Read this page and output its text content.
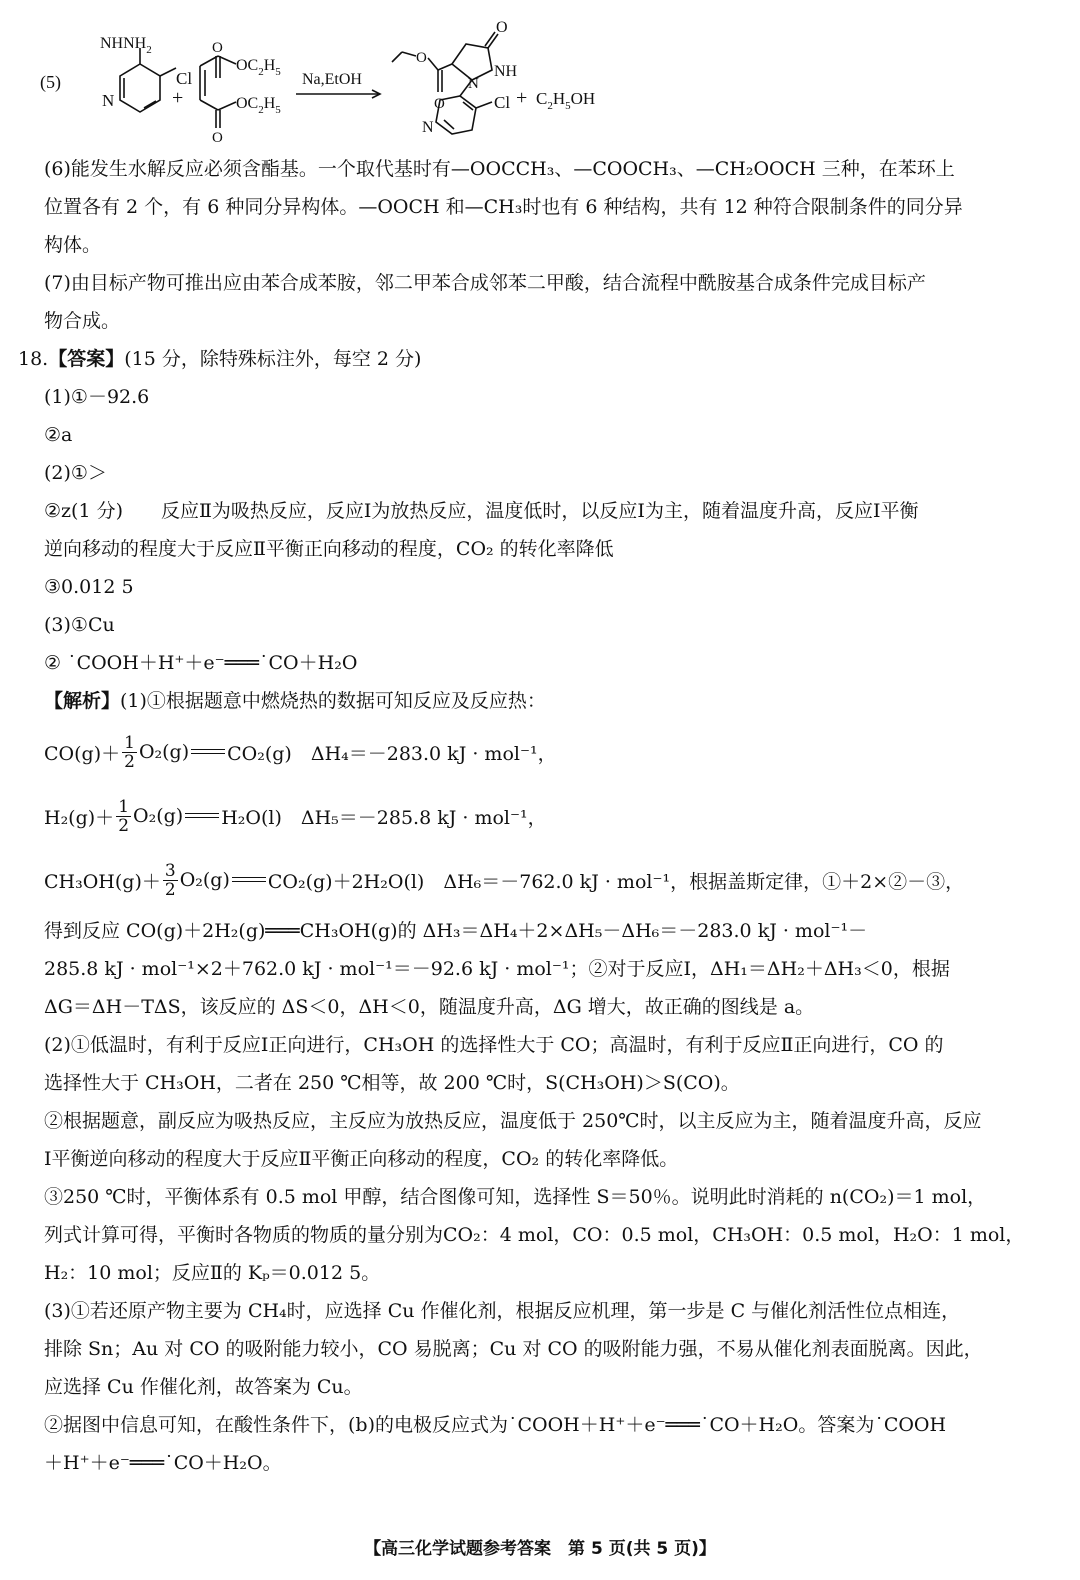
(5)
$NHNH_2$
Cl
N	+
O
O
$OC_2H_5$
$OC_2H_5$
Na,EtOH
O
O
O
N
NH
N
$Cl + C_2H_5OH$

(6)能发生水解反应必须含酯基。一个取代基时有—OOCCH₃、—COOCH₃、—CH₂OOCH 三种，在苯环上

位置各有 2 个，有 6 种同分异构体。—OOCH 和—CH₃时也有 6 种结构，共有 12 种符合限制条件的同分异

构体。

(7)由目标产物可推出应由苯合成苯胺，邻二甲苯合成邻苯二甲酸，结合流程中酰胺基合成条件完成目标产

物合成。

18.【答案】(15 分，除特殊标注外，每空 2 分)

(1)①－92.6

②a

(2)①＞

②z(1 分)　　 反应Ⅱ为吸热反应，反应Ⅰ为放热反应，温度低时，以反应Ⅰ为主，随着温度升高，反应Ⅰ平衡

逆向移动的程度大于反应Ⅱ平衡正向移动的程度，CO₂ 的转化率降低

③0.012 5

(3)①Cu

② ˙COOH＋H⁺＋e⁻═══˙CO＋H₂O

【解析】(1)①根据题意中燃烧热的数据可知反应及反应热：

$CO(g)+ \frac{1}{2} O_2(g)$ CO₂(g)　ΔH₄＝－283.0 kJ · mol⁻¹，
$H_2(g)+ \frac{1}{2} O_2(g)$ H₂O(l)　ΔH₅＝－285.8 kJ · mol⁻¹，
$CH_3OH(g)+ \frac{3}{2} O_2(g)$ CO₂(g)＋2H₂O(l)　ΔH₆＝－762.0 kJ · mol⁻¹，根据盖斯定律，①＋2×②－③，

得到反应 CO(g)＋2H₂(g)═══CH₃OH(g)的 ΔH₃＝ΔH₄＋2×ΔH₅－ΔH₆＝－283.0 kJ · mol⁻¹－

285.8 kJ · mol⁻¹×2＋762.0 kJ · mol⁻¹＝－92.6 kJ · mol⁻¹；②对于反应Ⅰ，ΔH₁＝ΔH₂＋ΔH₃＜0，根据

ΔG＝ΔH－TΔS，该反应的 ΔS＜0，ΔH＜0，随温度升高，ΔG 增大，故正确的图线是 a。

(2)①低温时，有利于反应Ⅰ正向进行，CH₃OH 的选择性大于 CO；高温时，有利于反应Ⅱ正向进行，CO 的

选择性大于 CH₃OH，二者在 250 ℃相等，故 200 ℃时，S(CH₃OH)＞S(CO)。

②根据题意，副反应为吸热反应，主反应为放热反应，温度低于 250℃时，以主反应为主，随着温度升高，反应

Ⅰ平衡逆向移动的程度大于反应Ⅱ平衡正向移动的程度，CO₂ 的转化率降低。

③250 ℃时，平衡体系有 0.5 mol 甲醇，结合图像可知，选择性 S＝50％。说明此时消耗的 n(CO₂)＝1 mol，

列式计算可得，平衡时各物质的物质的量分别为CO₂：4 mol，CO：0.5 mol，CH₃OH：0.5 mol，H₂O：1 mol，

H₂：10 mol；反应Ⅱ的 Kₚ＝0.012 5。

(3)①若还原产物主要为 CH₄时，应选择 Cu 作催化剂，根据反应机理，第一步是 C 与催化剂活性位点相连，

排除 Sn；Au 对 CO 的吸附能力较小，CO 易脱离；Cu 对 CO 的吸附能力强，不易从催化剂表面脱离。因此，

应选择 Cu 作催化剂，故答案为 Cu。

②据图中信息可知，在酸性条件下，(b)的电极反应式为˙COOH＋H⁺＋e⁻═══˙CO＋H₂O。答案为˙COOH

＋H⁺＋e⁻═══˙CO＋H₂O。

【高三化学试题参考答案　第 5 页(共 5 页)】
